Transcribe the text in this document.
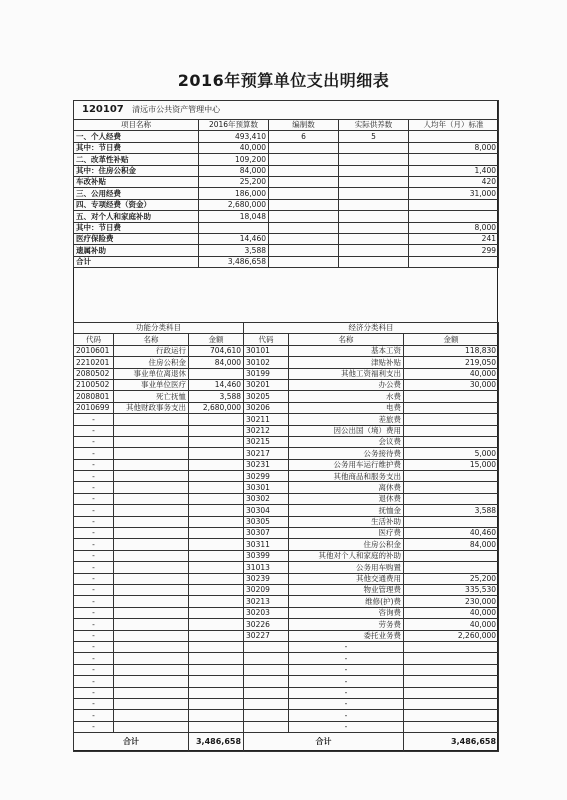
2016年预算单位支出明细表
120107 清远市公共资产管理中心				
项目名称	2016年预算数	编制数	实际供养数	人均年（月）标准
一、个人经费	493,410	6	5	
其中：节日费	40,000			8,000
二、改革性补贴	109,200			
其中：住房公积金	84,000			1,400
车改补贴	25,200			420
三、公用经费	186,000			31,000
四、专项经费（资金）	2,680,000			
五、对个人和家庭补助	18,048			
其中：节日费				8,000
医疗保险费	14,460			241
遗属补助	3,588			299
合计	3,486,658			
功能分类科目			经济分类科目		
代码	名称	金额	代码	名称	金额
2010601	行政运行	704,610	30101	基本工资	118,830
2210201	住房公积金	84,000	30102	津贴补贴	219,050
2080502	事业单位离退休		30199	其他工资福利支出	40,000
2100502	事业单位医疗	14,460	30201	办公费	30,000
2080801	死亡抚恤	3,588	30205	水费	
2010699	其他财政事务支出	2,680,000	30206	电费	
-			30211	差旅费	
-			30212	因公出国（境）费用	
-			30215	会议费	
-			30217	公务接待费	5,000
-			30231	公务用车运行维护费	15,000
-			30299	其他商品和服务支出	
-			30301	离休费	
-			30302	退休费	
-			30304	抚恤金	3,588
-			30305	生活补助	
-			30307	医疗费	40,460
-			30311	住房公积金	84,000
-			30399	其他对个人和家庭的补助	
-			31013	公务用车购置	
-			30239	其他交通费用	25,200
-			30209	物业管理费	335,530
-			30213	维修(护)费	230,000
-			30203	咨询费	40,000
-			30226	劳务费	40,000
-			30227	委托业务费	2,260,000
-				-	
-				-	
-				-	
-				-	
-				-	
-				-	
-				-	
-				-	
合计		3,486,658	合计		3,486,658
